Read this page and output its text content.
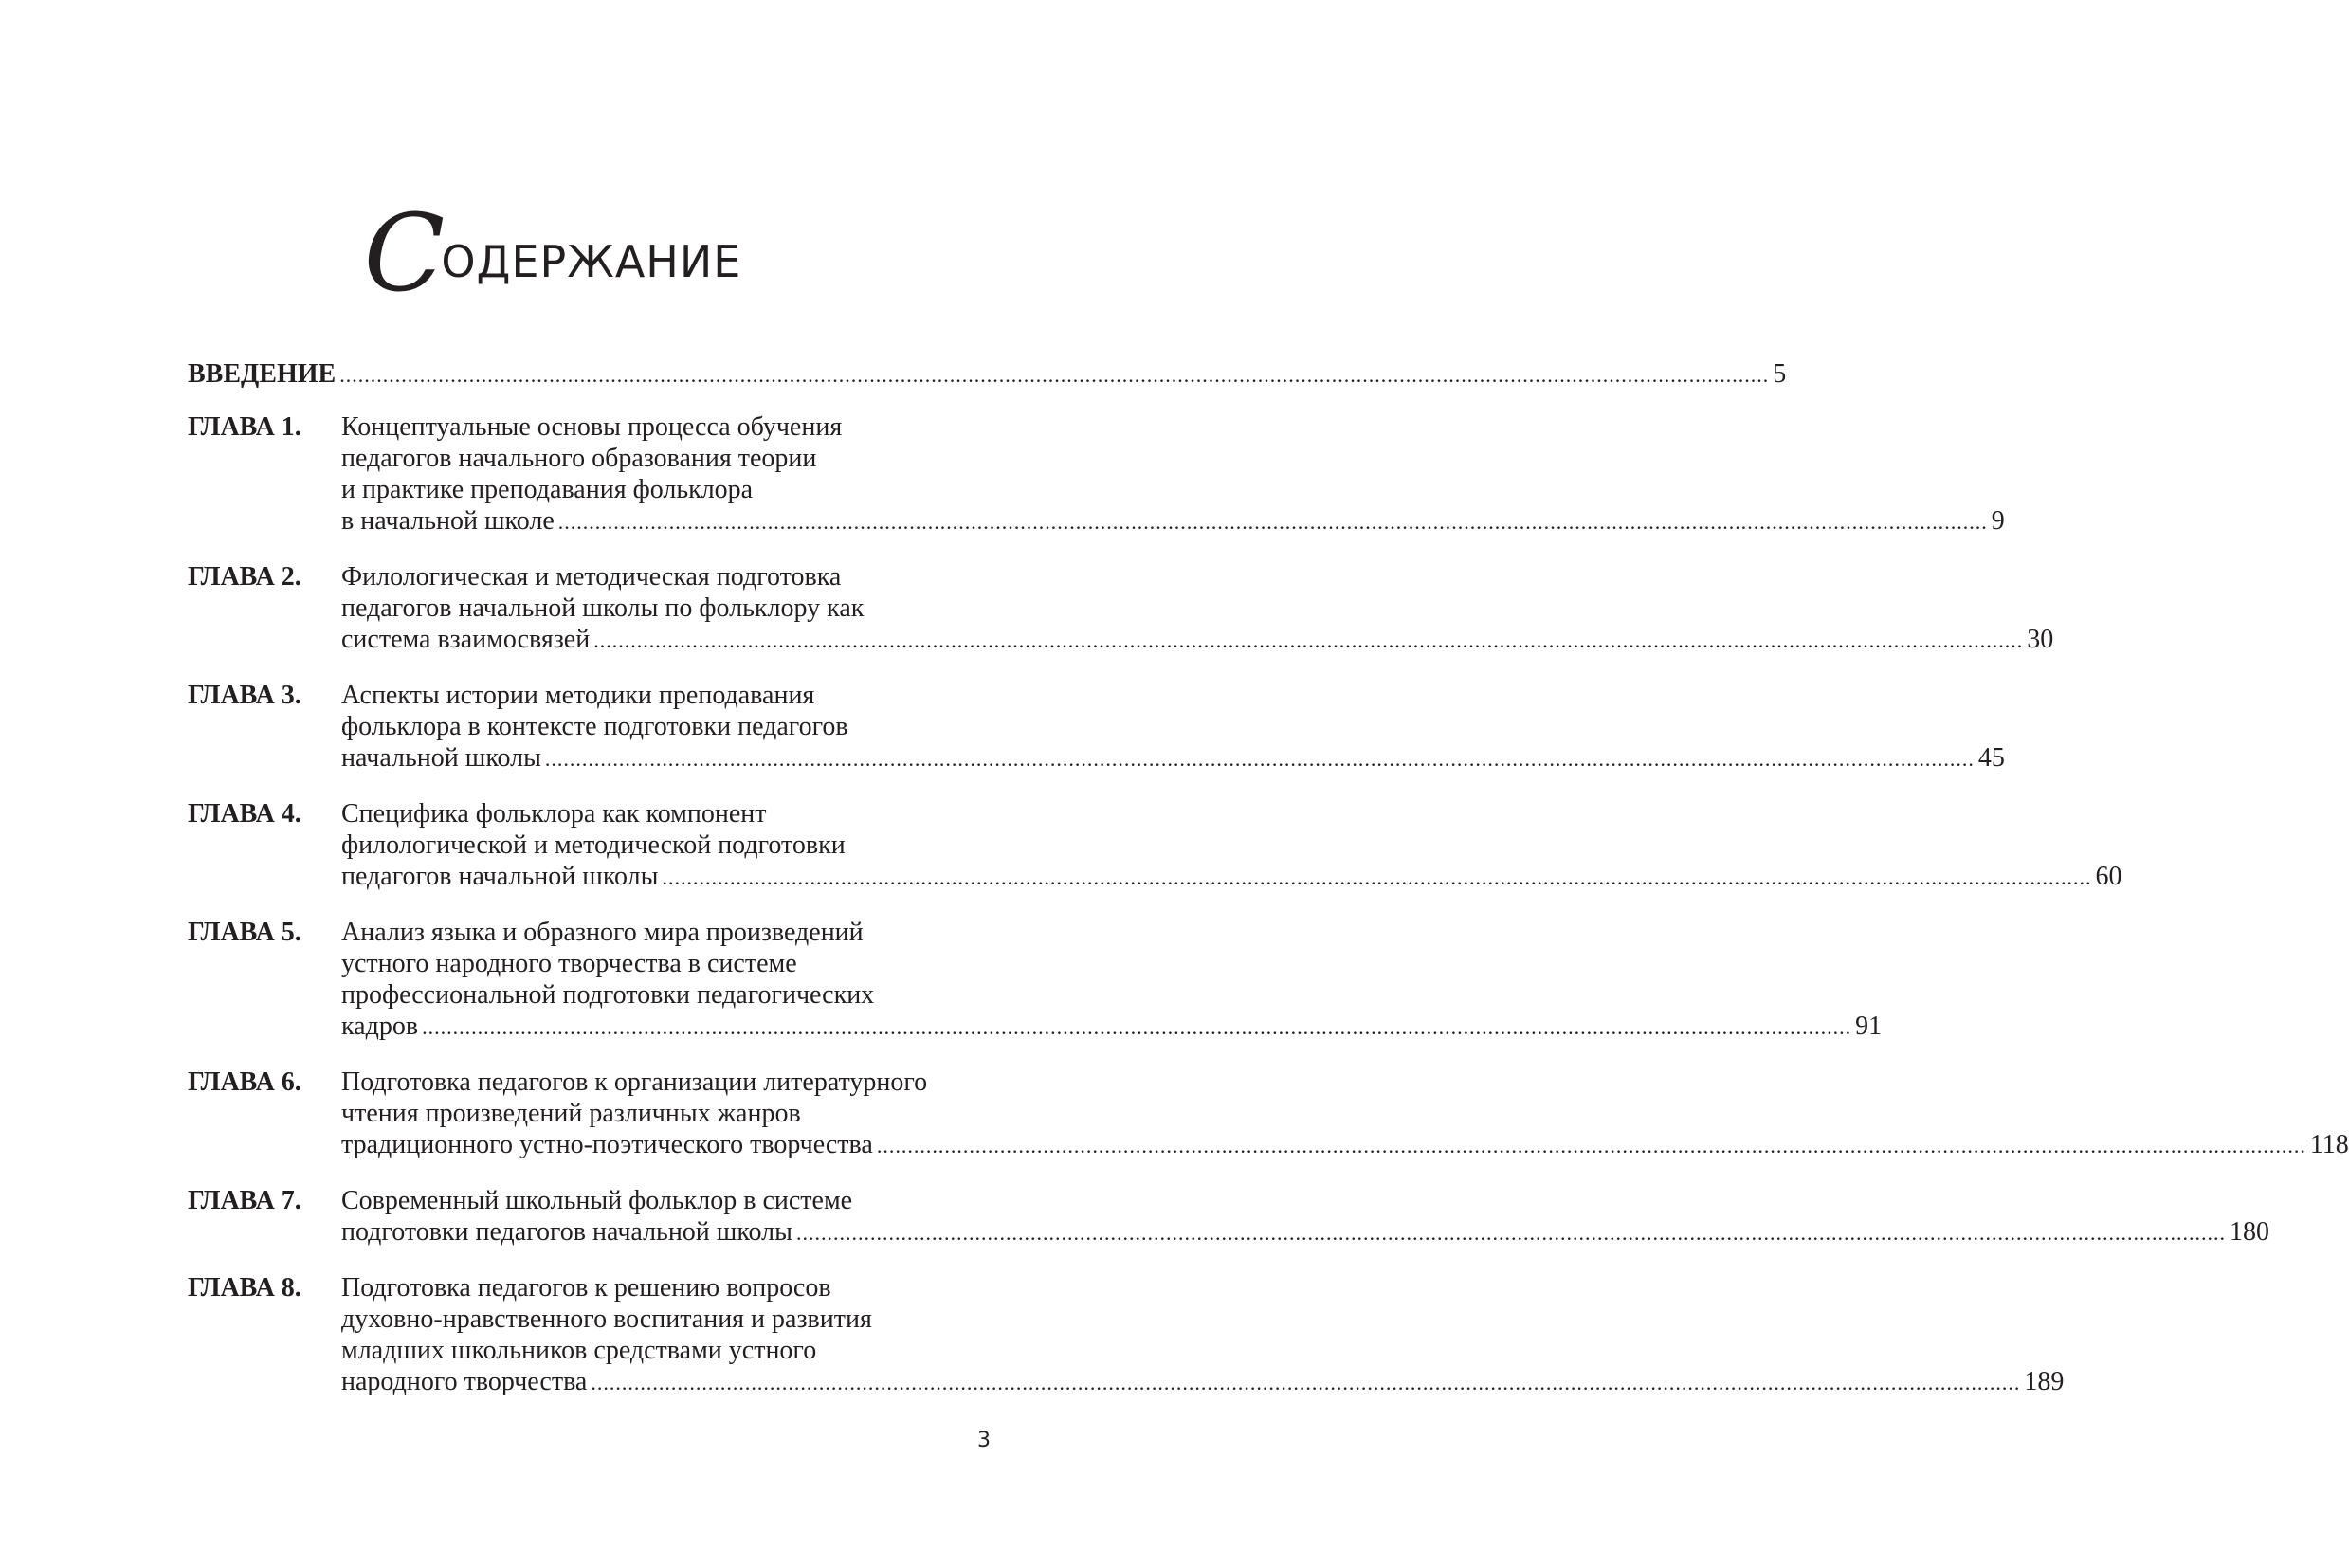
СОДЕРЖАНИЕ
ВВЕДЕНИЕ .....	5
ГЛАВА 1.	Концептуальные основы процесса обучения
педагогов начального образования теории
и практике преподавания фольклора
в начальной школе .....	9
ГЛАВА 2.	Филологическая и методическая подготовка
педагогов начальной школы по фольклору как
система взаимосвязей .....	30
ГЛАВА 3.	Аспекты истории методики преподавания
фольклора в контексте подготовки педагогов
начальной школы .....	45
ГЛАВА 4.	Специфика фольклора как компонент
филологической и методической подготовки
педагогов начальной школы .....	60
ГЛАВА 5.	Анализ языка и образного мира произведений
устного народного творчества в системе
профессиональной подготовки педагогических
кадров .....	91
ГЛАВА 6.	Подготовка педагогов к организации литературного
чтения произведений различных жанров
традиционного устно-поэтического творчества .....	118
ГЛАВА 7.	Современный школьный фольклор в системе
подготовки педагогов начальной школы .....	180
ГЛАВА 8.	Подготовка педагогов к решению вопросов
духовно-нравственного воспитания и развития
младших школьников средствами устного
народного творчества .....	189
3
